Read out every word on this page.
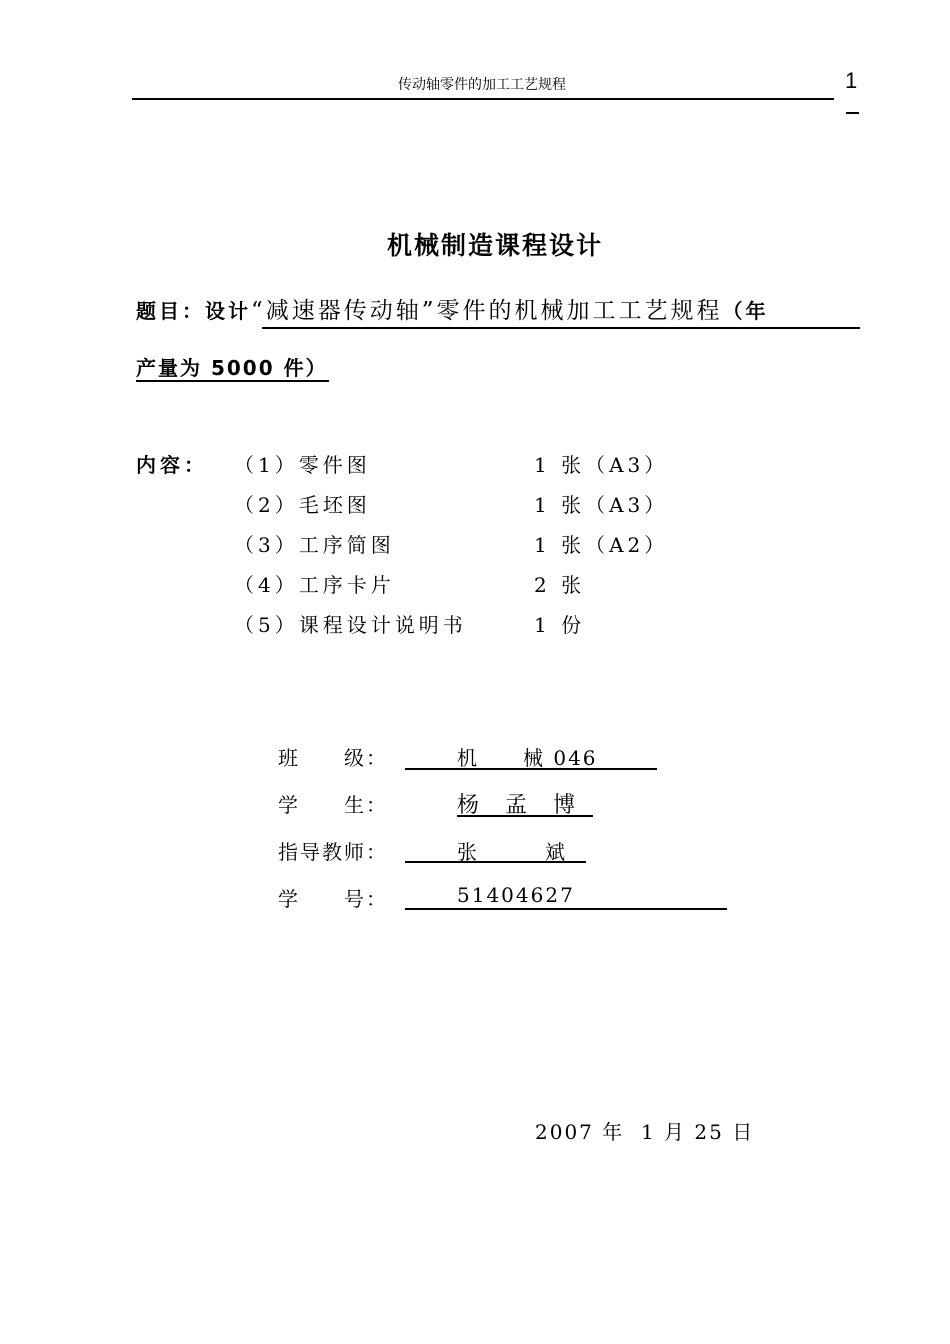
传动轴零件的加工工艺规程	1
机械制造课程设计
题目：设计“减速器传动轴”零件的机械加工工艺规程（年
产量为 5000 件）
内容： （1）零件图	1 张（A3）
（2）毛坯图	1 张（A3）
（3）工序简图	1 张（A2）
（4）工序卡片	2 张
（5）课程设计说明书	1 份
班　　级：	机　　械 046
学　　生：	杨　孟　博
指导教师：	张　　　斌
学　　号：	51404627
2007 年  1 月 25 日
